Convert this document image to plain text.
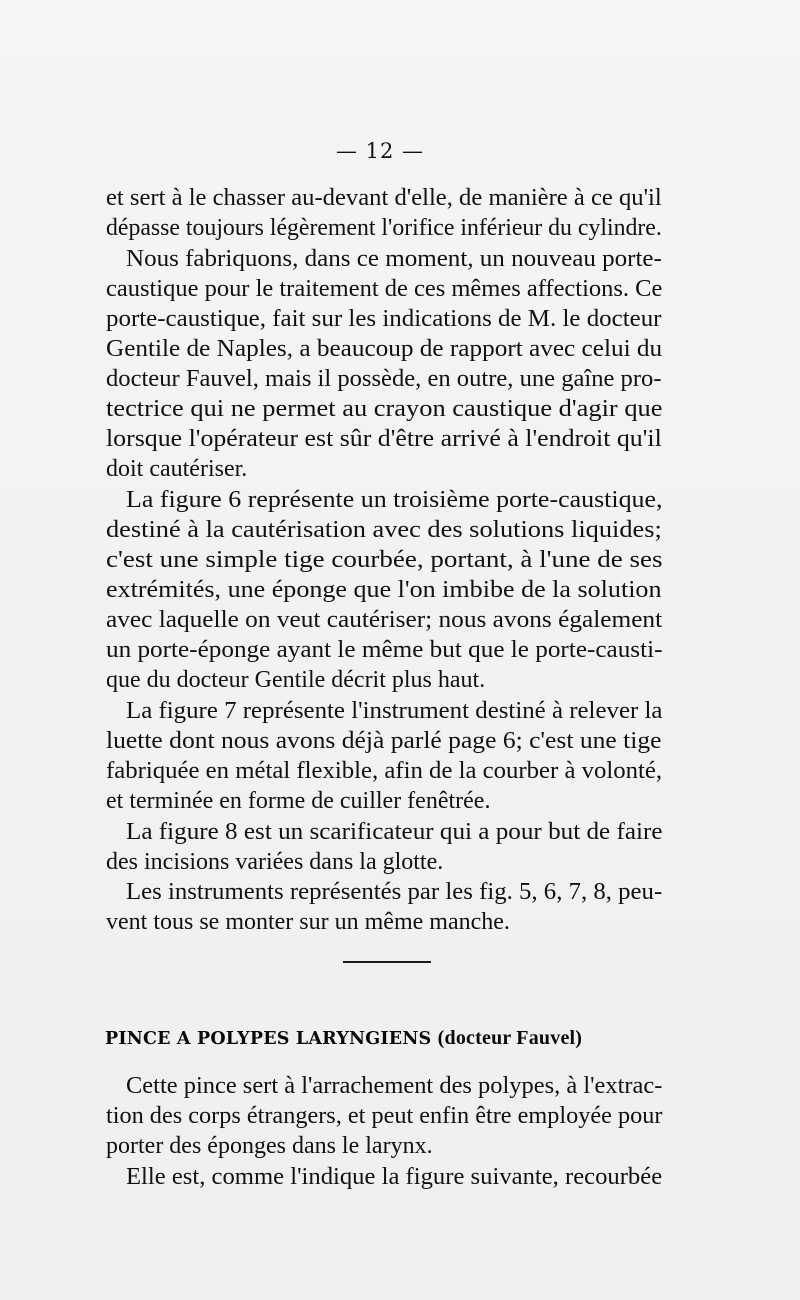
— 12 —
et sert à le chasser au-devant d'elle, de manière à ce qu'il
dépasse toujours légèrement l'orifice inférieur du cylindre.
Nous fabriquons, dans ce moment, un nouveau porte-
caustique pour le traitement de ces mêmes affections. Ce
porte-caustique, fait sur les indications de M. le docteur
Gentile de Naples, a beaucoup de rapport avec celui du
docteur Fauvel, mais il possède, en outre, une gaîne pro-
tectrice qui ne permet au crayon caustique d'agir que
lorsque l'opérateur est sûr d'être arrivé à l'endroit qu'il
doit cautériser.
La figure 6 représente un troisième porte-caustique,
destiné à la cautérisation avec des solutions liquides;
c'est une simple tige courbée, portant, à l'une de ses
extrémités, une éponge que l'on imbibe de la solution
avec laquelle on veut cautériser; nous avons également
un porte-éponge ayant le même but que le porte-causti-
que du docteur Gentile décrit plus haut.
La figure 7 représente l'instrument destiné à relever la
luette dont nous avons déjà parlé page 6; c'est une tige
fabriquée en métal flexible, afin de la courber à volonté,
et terminée en forme de cuiller fenêtrée.
La figure 8 est un scarificateur qui a pour but de faire
des incisions variées dans la glotte.
Les instruments représentés par les fig. 5, 6, 7, 8, peu-
vent tous se monter sur un même manche.
PINCE A POLYPES LARYNGIENS (docteur Fauvel)
Cette pince sert à l'arrachement des polypes, à l'extrac-
tion des corps étrangers, et peut enfin être employée pour
porter des éponges dans le larynx.
Elle est, comme l'indique la figure suivante, recourbée
